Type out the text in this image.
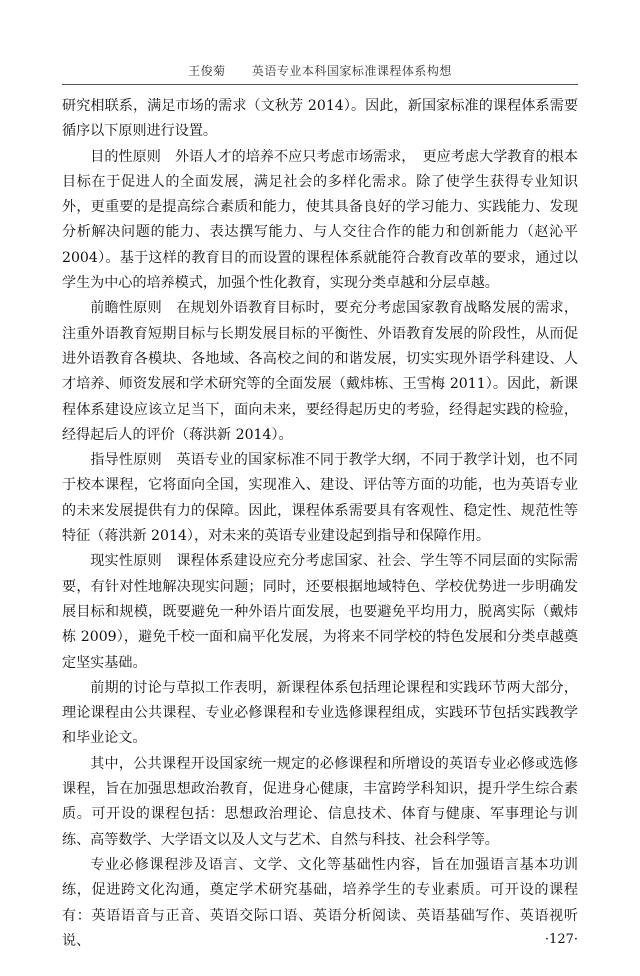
王俊菊 英语专业本科国家标准课程体系构想

研究相联系，满足市场的需求（文秋芳 2014）。因此，新国家标准的课程体系需要循序以下原则进行设置。

目的性原则　外语人才的培养不应只考虑市场需求，　更应考虑大学教育的根本目标在于促进人的全面发展，满足社会的多样化需求。除了使学生获得专业知识外，更重要的是提高综合素质和能力，使其具备良好的学习能力、实践能力、发现分析解决问题的能力、表达撰写能力、与人交往合作的能力和创新能力（赵沁平 2004）。基于这样的教育目的而设置的课程体系就能符合教育改革的要求，通过以学生为中心的培养模式，加强个性化教育，实现分类卓越和分层卓越。

前瞻性原则　在规划外语教育目标时，要充分考虑国家教育战略发展的需求，注重外语教育短期目标与长期发展目标的平衡性、外语教育发展的阶段性，从而促进外语教育各模块、各地域、各高校之间的和谐发展，切实实现外语学科建设、人才培养、师资发展和学术研究等的全面发展（戴炜栋、王雪梅 2011）。因此，新课程体系建设应该立足当下，面向未来，要经得起历史的考验，经得起实践的检验，经得起后人的评价（蒋洪新 2014）。

指导性原则　英语专业的国家标准不同于教学大纲，不同于教学计划，也不同于校本课程，它将面向全国，实现准入、建设、评估等方面的功能，也为英语专业的未来发展提供有力的保障。因此，课程体系需要具有客观性、稳定性、规范性等特征（蒋洪新 2014），对未来的英语专业建设起到指导和保障作用。

现实性原则　课程体系建设应充分考虑国家、社会、学生等不同层面的实际需要，有针对性地解决现实问题；同时，还要根据地域特色、学校优势进一步明确发展目标和规模，既要避免一种外语片面发展，也要避免平均用力，脱离实际（戴炜栋 2009），避免千校一面和扁平化发展，为将来不同学校的特色发展和分类卓越奠定坚实基础。

前期的讨论与草拟工作表明，新课程体系包括理论课程和实践环节两大部分，理论课程由公共课程、专业必修课程和专业选修课程组成，实践环节包括实践教学和毕业论文。

其中，公共课程开设国家统一规定的必修课程和所增设的英语专业必修或选修课程，旨在加强思想政治教育，促进身心健康，丰富跨学科知识，提升学生综合素质。可开设的课程包括：思想政治理论、信息技术、体育与健康、军事理论与训练、高等数学、大学语文以及人文与艺术、自然与科技、社会科学等。

专业必修课程涉及语言、文学、文化等基础性内容，旨在加强语言基本功训练，促进跨文化沟通，奠定学术研究基础，培养学生的专业素质。可开设的课程有：英语语音与正音、英语交际口语、英语分析阅读、英语基础写作、英语视听说、	·127·
